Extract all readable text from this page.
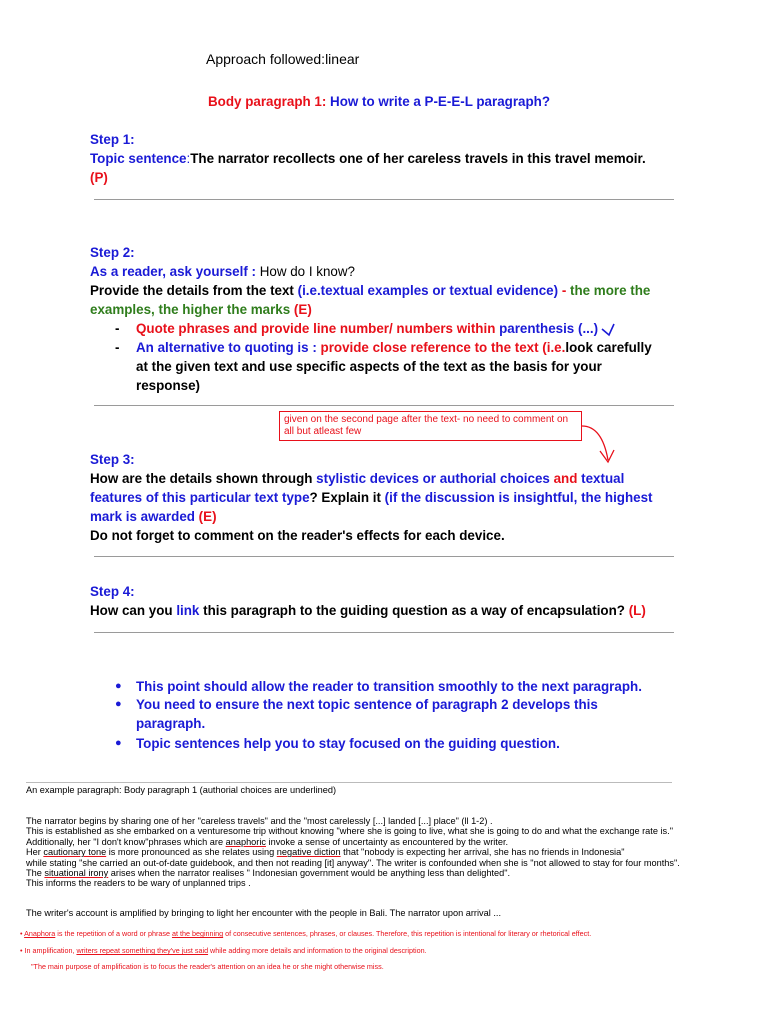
Approach followed:linear
Body paragraph 1: How to write a P-E-E-L paragraph?
Step 1:
Topic sentence:The narrator recollects one of her careless travels in this travel memoir.
(P)
Step 2:
As a reader, ask yourself : How do I know?
Provide the details from the text (i.e.textual examples or textual evidence) - the more the
examples, the higher the marks (E)
- Quote phrases and provide line number/ numbers within parenthesis (...)
- An alternative to quoting is : provide close reference to the text (i.e.look carefully
at the given text and use specific aspects of the text as the basis for your
response)
given on the second page after the text- no need to comment on all but atleast few
Step 3:
How are the details shown through stylistic devices or authorial choices and textual
features of this particular text type? Explain it (if the discussion is insightful, the highest
mark is awarded (E)
Do not forget to comment on the reader's effects for each device.
Step 4:
How can you link this paragraph to the guiding question as a way of encapsulation? (L)
● This point should allow the reader to transition smoothly to the next paragraph.
● You need to ensure the next topic sentence of paragraph 2 develops this
paragraph.
● Topic sentences help you to stay focused on the guiding question.
An example paragraph: Body paragraph 1 (authorial choices are underlined)
The narrator begins by sharing one of her "careless travels" and the "most carelessly [...] landed [...] place" (ll 1-2) .
This is established as she embarked on a venturesome trip without knowing "where she is going to live, what she is going to do and what the exchange rate is."
Additionally, her "I don't know"phrases which are anaphoric invoke a sense of uncertainty as encountered by the writer.
Her cautionary tone is more pronounced as she relates using negative diction that "nobody is expecting her arrival, she has no friends in Indonesia"
while stating "she carried an out-of-date guidebook, and then not reading [it] anyway". The writer is confounded when she is "not allowed to stay for four months".
The situational irony arises when the narrator realises " Indonesian government would be anything less than delighted".
This informs the readers to be wary of unplanned trips .
The writer's account is amplified by bringing to light her encounter with the people in Bali. The narrator upon arrival ...
• Anaphora is the repetition of a word or phrase at the beginning of consecutive sentences, phrases, or clauses. Therefore, this repetition is intentional for literary or rhetorical effect.
• In amplification, writers repeat something they've just said while adding more details and information to the original description.
"The main purpose of amplification is to focus the reader's attention on an idea he or she might otherwise miss.
